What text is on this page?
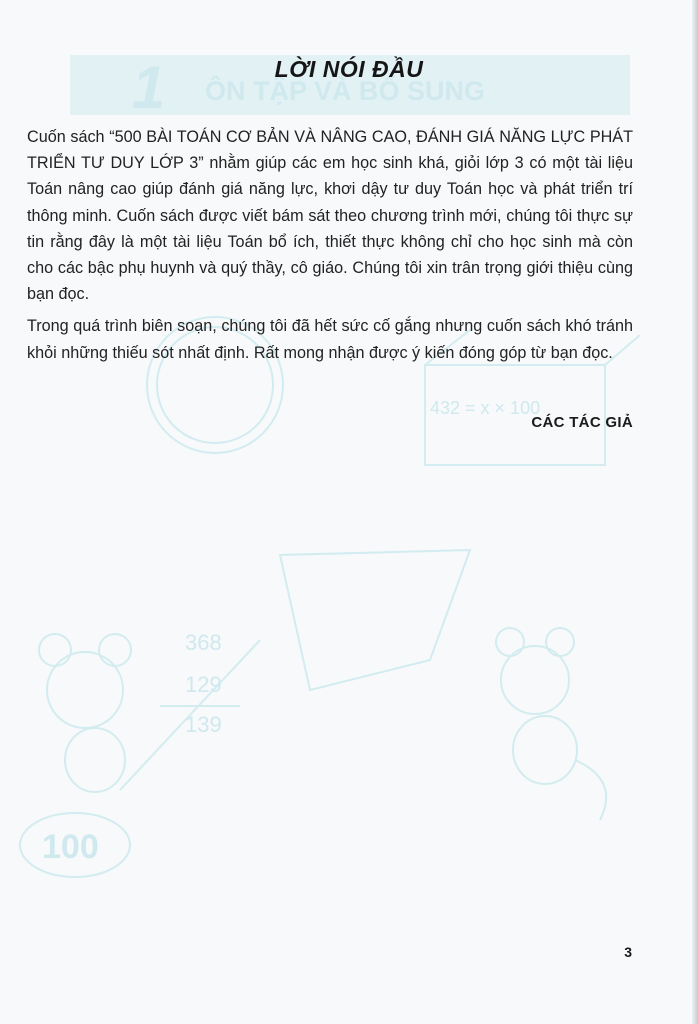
1 ÔN TẬP VÀ BỔ SUNG
432 = x × 100
368
129
139
100
LỜI NÓI ĐẦU

Cuốn sách “500 BÀI TOÁN CƠ BẢN VÀ NÂNG CAO, ĐÁNH GIÁ NĂNG LỰC PHÁT TRIỂN TƯ DUY LỚP 3” nhằm giúp các em học sinh khá, giỏi lớp 3 có một tài liệu Toán nâng cao giúp đánh giá năng lực, khơi dậy tư duy Toán học và phát triển trí thông minh. Cuốn sách được viết bám sát theo chương trình mới, chúng tôi thực sự tin rằng đây là một tài liệu Toán bổ ích, thiết thực không chỉ cho học sinh mà còn cho các bậc phụ huynh và quý thầy, cô giáo. Chúng tôi xin trân trọng giới thiệu cùng bạn đọc.

Trong quá trình biên soạn, chúng tôi đã hết sức cố gắng nhưng cuốn sách khó tránh khỏi những thiếu sót nhất định. Rất mong nhận được ý kiến đóng góp từ bạn đọc.

CÁC TÁC GIẢ
3
